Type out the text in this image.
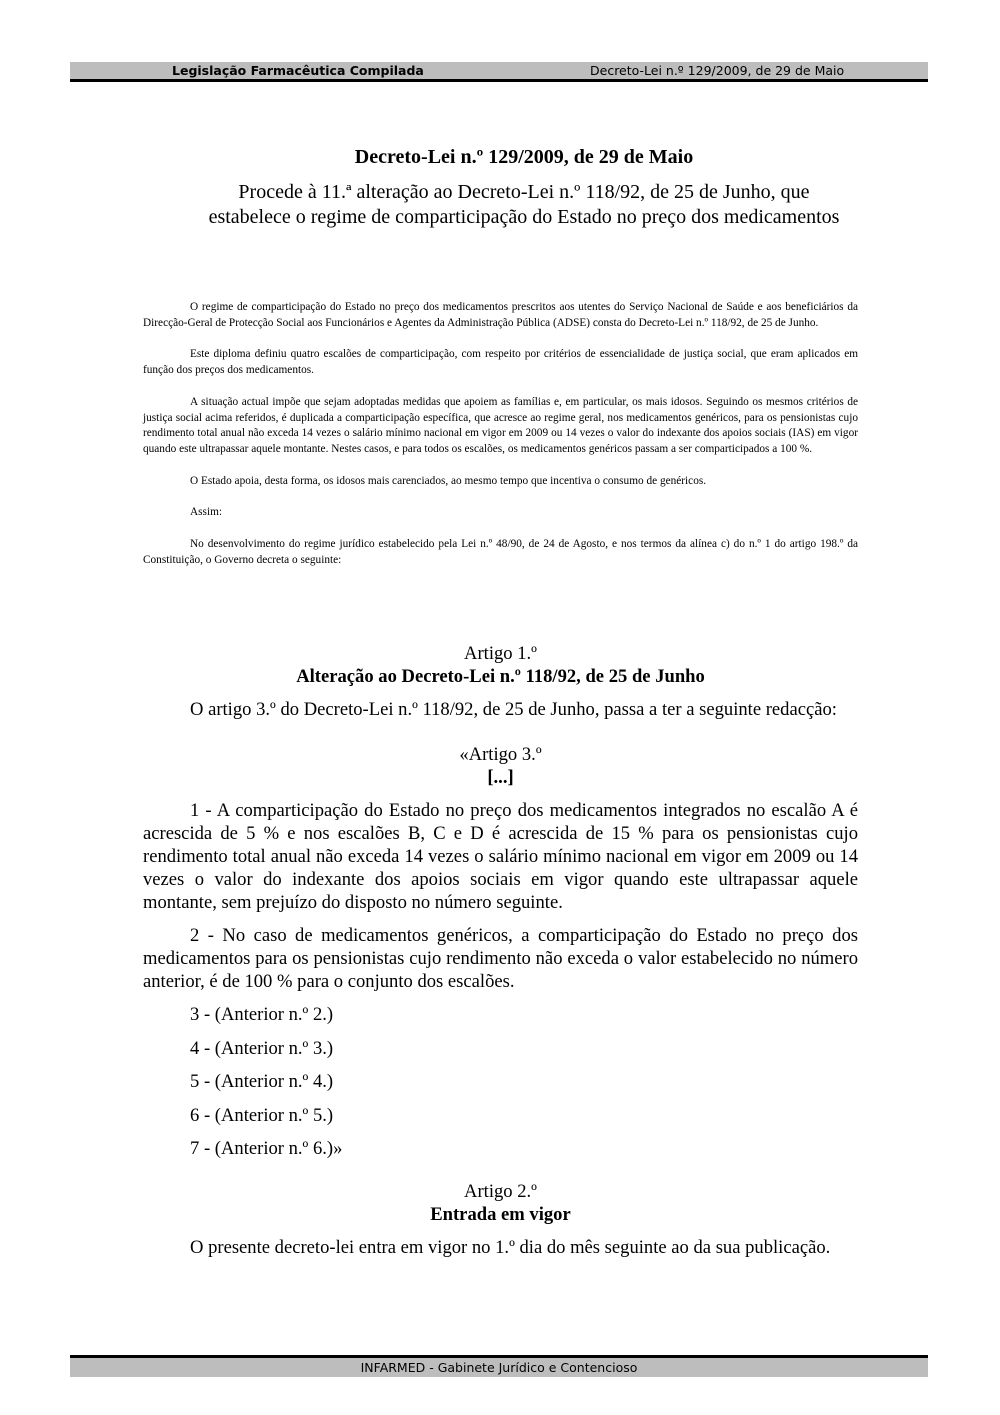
Legislação Farmacêutica Compilada	Decreto-Lei n.º 129/2009, de 29 de Maio
Decreto-Lei n.º 129/2009, de 29 de Maio
Procede à 11.ª alteração ao Decreto-Lei n.º 118/92, de 25 de Junho, que estabelece o regime de comparticipação do Estado no preço dos medicamentos

O regime de comparticipação do Estado no preço dos medicamentos prescritos aos utentes do Serviço Nacional de Saúde e aos beneficiários da Direcção-Geral de Protecção Social aos Funcionários e Agentes da Administração Pública (ADSE) consta do Decreto-Lei n.º 118/92, de 25 de Junho.

Este diploma definiu quatro escalões de comparticipação, com respeito por critérios de essencialidade de justiça social, que eram aplicados em função dos preços dos medicamentos.

A situação actual impõe que sejam adoptadas medidas que apoiem as famílias e, em particular, os mais idosos. Seguindo os mesmos critérios de justiça social acima referidos, é duplicada a comparticipação específica, que acresce ao regime geral, nos medicamentos genéricos, para os pensionistas cujo rendimento total anual não exceda 14 vezes o salário mínimo nacional em vigor em 2009 ou 14 vezes o valor do indexante dos apoios sociais (IAS) em vigor quando este ultrapassar aquele montante. Nestes casos, e para todos os escalões, os medicamentos genéricos passam a ser comparticipados a 100 %.

O Estado apoia, desta forma, os idosos mais carenciados, ao mesmo tempo que incentiva o consumo de genéricos.

Assim:

No desenvolvimento do regime jurídico estabelecido pela Lei n.º 48/90, de 24 de Agosto, e nos termos da alínea c) do n.º 1 do artigo 198.º da Constituição, o Governo decreta o seguinte:

Artigo 1.º

Alteração ao Decreto-Lei n.º 118/92, de 25 de Junho

O artigo 3.º do Decreto-Lei n.º 118/92, de 25 de Junho, passa a ter a seguinte redacção:

«Artigo 3.º

[...]

1 - A comparticipação do Estado no preço dos medicamentos integrados no escalão A é acrescida de 5 % e nos escalões B, C e D é acrescida de 15 % para os pensionistas cujo rendimento total anual não exceda 14 vezes o salário mínimo nacional em vigor em 2009 ou 14 vezes o valor do indexante dos apoios sociais em vigor quando este ultrapassar aquele montante, sem prejuízo do disposto no número seguinte.

2 - No caso de medicamentos genéricos, a comparticipação do Estado no preço dos medicamentos para os pensionistas cujo rendimento não exceda o valor estabelecido no número anterior, é de 100 % para o conjunto dos escalões.

3 - (Anterior n.º 2.)

4 - (Anterior n.º 3.)

5 - (Anterior n.º 4.)

6 - (Anterior n.º 5.)

7 - (Anterior n.º 6.)»

Artigo 2.º

Entrada em vigor

O presente decreto-lei entra em vigor no 1.º dia do mês seguinte ao da sua publicação.

INFARMED - Gabinete Jurídico e Contencioso
